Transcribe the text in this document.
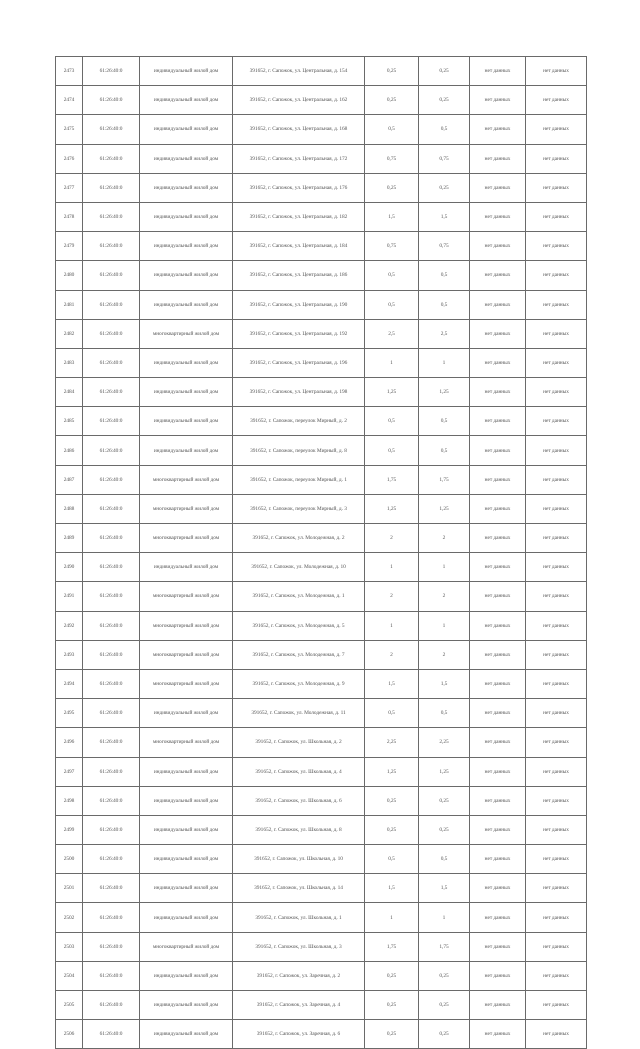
2473	61:26:40:0	индивидуальный жилой дом	391652, г. Сапожок, ул. Центральная, д. 154	0,25	0,25	нет данных	нет данных
2474	61:26:40:0	индивидуальный жилой дом	391652, г. Сапожок, ул. Центральная, д. 162	0,25	0,25	нет данных	нет данных
2475	61:26:40:0	индивидуальный жилой дом	391652, г. Сапожок, ул. Центральная, д. 168	0,5	0,5	нет данных	нет данных
2476	61:26:40:0	индивидуальный жилой дом	391652, г. Сапожок, ул. Центральная, д. 172	0,75	0,75	нет данных	нет данных
2477	61:26:40:0	индивидуальный жилой дом	391652, г. Сапожок, ул. Центральная, д. 176	0,25	0,25	нет данных	нет данных
2478	61:26:40:0	индивидуальный жилой дом	391652, г. Сапожок, ул. Центральная, д. 182	1,5	1,5	нет данных	нет данных
2479	61:26:40:0	индивидуальный жилой дом	391652, г. Сапожок, ул. Центральная, д. 184	0,75	0,75	нет данных	нет данных
2480	61:26:40:0	индивидуальный жилой дом	391652, г. Сапожок, ул. Центральная, д. 186	0,5	0,5	нет данных	нет данных
2481	61:26:40:0	индивидуальный жилой дом	391652, г. Сапожок, ул. Центральная, д. 190	0,5	0,5	нет данных	нет данных
2482	61:26:40:0	многоквартирный жилой дом	391652, г. Сапожок, ул. Центральная, д. 192	2,5	2,5	нет данных	нет данных
2483	61:26:40:0	индивидуальный жилой дом	391652, г. Сапожок, ул. Центральная, д. 196	1	1	нет данных	нет данных
2484	61:26:40:0	индивидуальный жилой дом	391652, г. Сапожок, ул. Центральная, д. 198	1,25	1,25	нет данных	нет данных
2485	61:26:40:0	индивидуальный жилой дом	391652, г. Сапожок, переулок Мирный, д. 2	0,5	0,5	нет данных	нет данных
2486	61:26:40:0	индивидуальный жилой дом	391652, г. Сапожок, переулок Мирный, д. 8	0,5	0,5	нет данных	нет данных
2487	61:26:40:0	многоквартирный жилой дом	391652, г. Сапожок, переулок Мирный, д. 1	1,75	1,75	нет данных	нет данных
2488	61:26:40:0	многоквартирный жилой дом	391652, г. Сапожок, переулок Мирный, д. 3	1,25	1,25	нет данных	нет данных
2489	61:26:40:0	многоквартирный жилой дом	391652, г. Сапожок, ул. Молодежная, д. 2	2	2	нет данных	нет данных
2490	61:26:40:0	индивидуальный жилой дом	391652, г. Сапожок, ул. Молодежная, д. 10	1	1	нет данных	нет данных
2491	61:26:40:0	многоквартирный жилой дом	391652, г. Сапожок, ул. Молодежная, д. 1	2	2	нет данных	нет данных
2492	61:26:40:0	многоквартирный жилой дом	391652, г. Сапожок, ул. Молодежная, д. 5	1	1	нет данных	нет данных
2493	61:26:40:0	многоквартирный жилой дом	391652, г. Сапожок, ул. Молодежная, д. 7	2	2	нет данных	нет данных
2494	61:26:40:0	многоквартирный жилой дом	391652, г. Сапожок, ул. Молодежная, д. 9	1,5	1,5	нет данных	нет данных
2495	61:26:40:0	индивидуальный жилой дом	391652, г. Сапожок, ул. Молодежная, д. 11	0,5	0,5	нет данных	нет данных
2496	61:26:40:0	многоквартирный жилой дом	391652, г. Сапожок, ул. Школьная, д. 2	2,25	2,25	нет данных	нет данных
2497	61:26:40:0	индивидуальный жилой дом	391652, г. Сапожок, ул. Школьная, д. 4	1,25	1,25	нет данных	нет данных
2498	61:26:40:0	индивидуальный жилой дом	391652, г. Сапожок, ул. Школьная, д. 6	0,25	0,25	нет данных	нет данных
2499	61:26:40:0	индивидуальный жилой дом	391652, г. Сапожок, ул. Школьная, д. 8	0,25	0,25	нет данных	нет данных
2500	61:26:40:0	индивидуальный жилой дом	391652, г. Сапожок, ул. Школьная, д. 10	0,5	0,5	нет данных	нет данных
2501	61:26:40:0	индивидуальный жилой дом	391652, г. Сапожок, ул. Школьная, д. 14	1,5	1,5	нет данных	нет данных
2502	61:26:40:0	индивидуальный жилой дом	391652, г. Сапожок, ул. Школьная, д. 1	1	1	нет данных	нет данных
2503	61:26:40:0	многоквартирный жилой дом	391652, г. Сапожок, ул. Школьная, д. 3	1,75	1,75	нет данных	нет данных
2504	61:26:40:0	индивидуальный жилой дом	391652, г. Сапожок, ул. Заречная, д. 2	0,25	0,25	нет данных	нет данных
2505	61:26:40:0	индивидуальный жилой дом	391652, г. Сапожок, ул. Заречная, д. 4	0,25	0,25	нет данных	нет данных
2506	61:26:40:0	индивидуальный жилой дом	391652, г. Сапожок, ул. Заречная, д. 6	0,25	0,25	нет данных	нет данных
